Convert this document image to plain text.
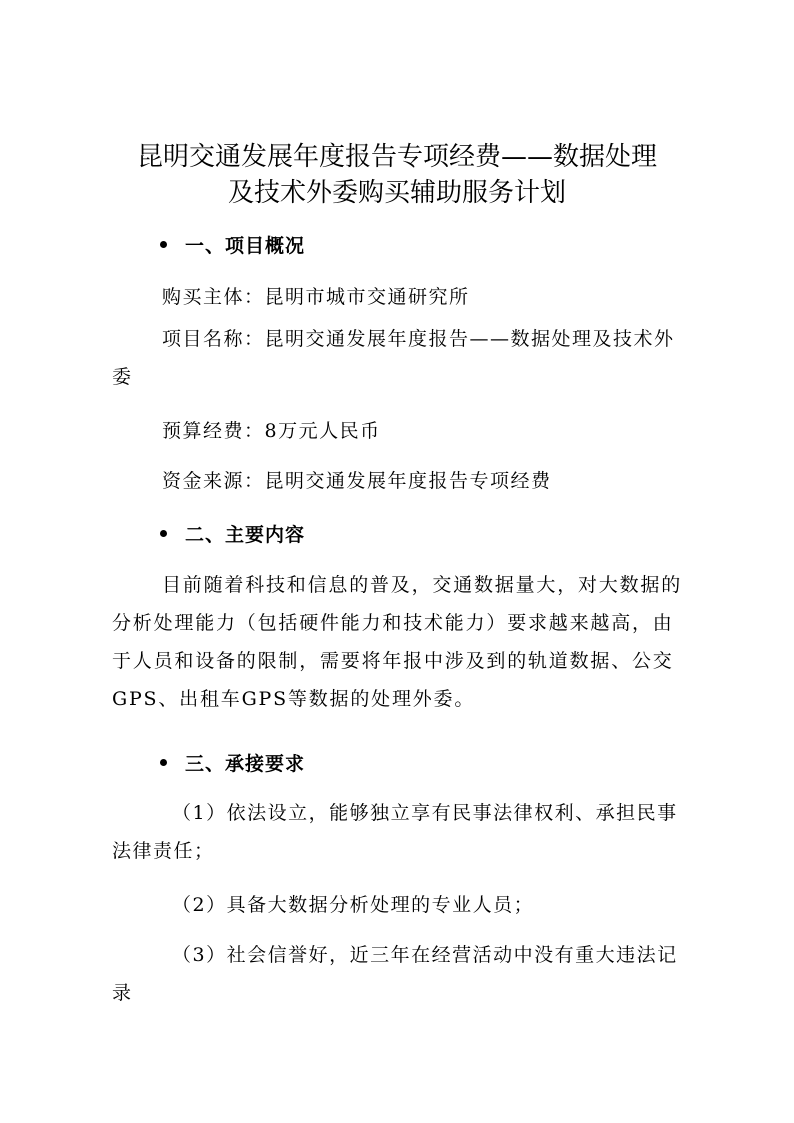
昆明交通发展年度报告专项经费——数据处理
及技术外委购买辅助服务计划
一、项目概况

购买主体：昆明市城市交通研究所

项目名称：昆明交通发展年度报告——数据处理及技术外委

预算经费：8万元人民币

资金来源：昆明交通发展年度报告专项经费

二、主要内容

目前随着科技和信息的普及，交通数据量大，对大数据的分析处理能力（包括硬件能力和技术能力）要求越来越高，由于人员和设备的限制，需要将年报中涉及到的轨道数据、公交GPS、出租车GPS等数据的处理外委。

三、承接要求

（1）依法设立，能够独立享有民事法律权利、承担民事法律责任；

（2）具备大数据分析处理的专业人员；

（3）社会信誉好，近三年在经营活动中没有重大违法记录
